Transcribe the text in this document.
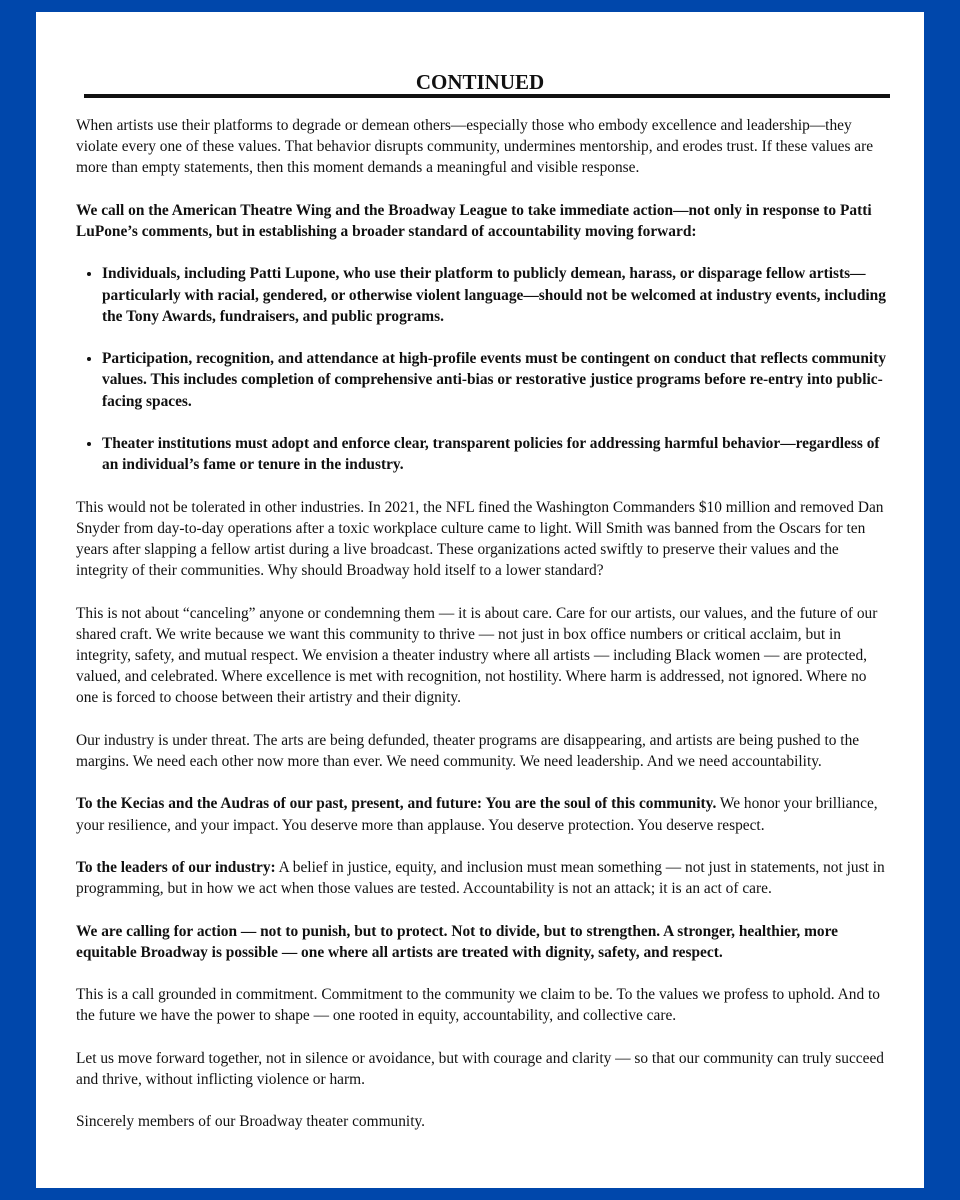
CONTINUED

When artists use their platforms to degrade or demean others—especially those who embody excellence and leadership—they violate every one of these values. That behavior disrupts community, undermines mentorship, and erodes trust. If these values are more than empty statements, then this moment demands a meaningful and visible response.

We call on the American Theatre Wing and the Broadway League to take immediate action—not only in response to Patti LuPone’s comments, but in establishing a broader standard of accountability moving forward:

• Individuals, including Patti Lupone, who use their platform to publicly demean, harass, or disparage fellow artists—particularly with racial, gendered, or otherwise violent language—should not be welcomed at industry events, including the Tony Awards, fundraisers, and public programs.
• Participation, recognition, and attendance at high-profile events must be contingent on conduct that reflects community values. This includes completion of comprehensive anti-bias or restorative justice programs before re-entry into public-facing spaces.
• Theater institutions must adopt and enforce clear, transparent policies for addressing harmful behavior—regardless of an individual’s fame or tenure in the industry.

This would not be tolerated in other industries. In 2021, the NFL fined the Washington Commanders $10 million and removed Dan Snyder from day-to-day operations after a toxic workplace culture came to light. Will Smith was banned from the Oscars for ten years after slapping a fellow artist during a live broadcast. These organizations acted swiftly to preserve their values and the integrity of their communities. Why should Broadway hold itself to a lower standard?

This is not about “canceling” anyone or condemning them — it is about care. Care for our artists, our values, and the future of our shared craft. We write because we want this community to thrive — not just in box office numbers or critical acclaim, but in integrity, safety, and mutual respect. We envision a theater industry where all artists — including Black women — are protected, valued, and celebrated. Where excellence is met with recognition, not hostility. Where harm is addressed, not ignored. Where no one is forced to choose between their artistry and their dignity.

Our industry is under threat. The arts are being defunded, theater programs are disappearing, and artists are being pushed to the margins. We need each other now more than ever. We need community. We need leadership. And we need accountability.

To the Kecias and the Audras of our past, present, and future: You are the soul of this community. We honor your brilliance, your resilience, and your impact. You deserve more than applause. You deserve protection. You deserve respect.

To the leaders of our industry: A belief in justice, equity, and inclusion must mean something — not just in statements, not just in programming, but in how we act when those values are tested. Accountability is not an attack; it is an act of care.

We are calling for action — not to punish, but to protect. Not to divide, but to strengthen. A stronger, healthier, more equitable Broadway is possible — one where all artists are treated with dignity, safety, and respect.

This is a call grounded in commitment. Commitment to the community we claim to be. To the values we profess to uphold. And to the future we have the power to shape — one rooted in equity, accountability, and collective care.

Let us move forward together, not in silence or avoidance, but with courage and clarity — so that our community can truly succeed and thrive, without inflicting violence or harm.

Sincerely members of our Broadway theater community.
